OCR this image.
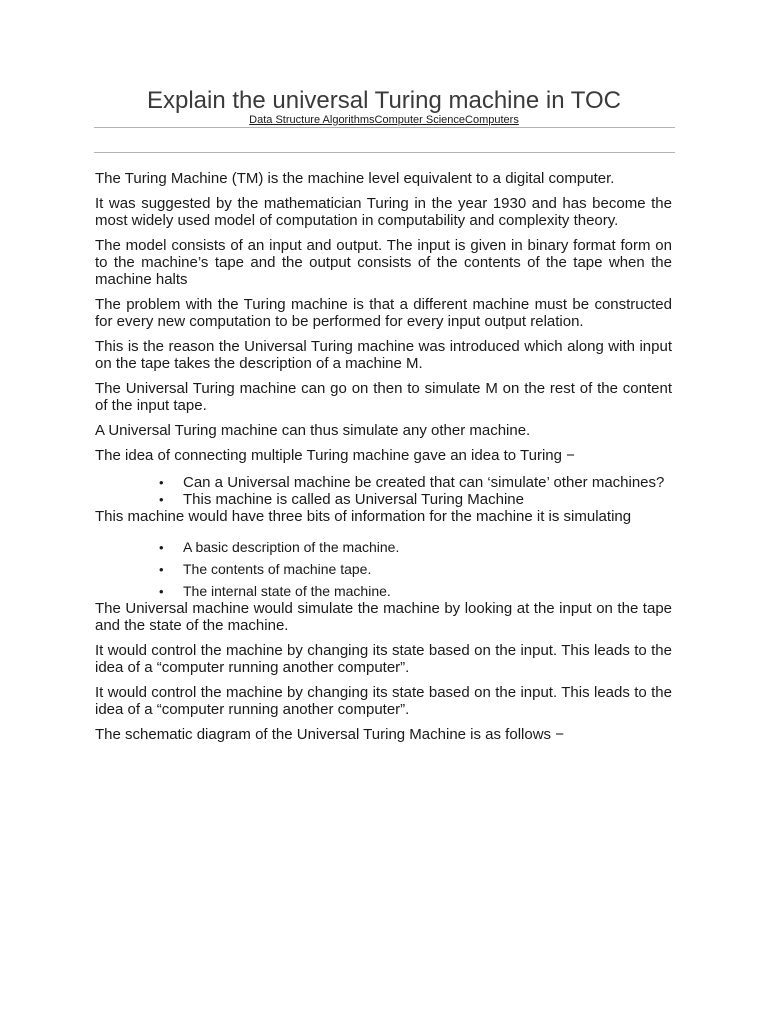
Explain the universal Turing machine in TOC
Data Structure AlgorithmsComputer ScienceComputers

The Turing Machine (TM) is the machine level equivalent to a digital computer.

It was suggested by the mathematician Turing in the year 1930 and has become the most widely used model of computation in computability and complexity theory.

The model consists of an input and output. The input is given in binary format form on to the machine’s tape and the output consists of the contents of the tape when the machine halts

The problem with the Turing machine is that a different machine must be constructed for every new computation to be performed for every input output relation.

This is the reason the Universal Turing machine was introduced which along with input on the tape takes the description of a machine M.

The Universal Turing machine can go on then to simulate M on the rest of the content of the input tape.

A Universal Turing machine can thus simulate any other machine.

The idea of connecting multiple Turing machine gave an idea to Turing −

• Can a Universal machine be created that can ‘simulate’ other machines?
• This machine is called as Universal Turing Machine

This machine would have three bits of information for the machine it is simulating

• A basic description of the machine.
• The contents of machine tape.
• The internal state of the machine.

The Universal machine would simulate the machine by looking at the input on the tape and the state of the machine.

It would control the machine by changing its state based on the input. This leads to the idea of a “computer running another computer”.

It would control the machine by changing its state based on the input. This leads to the idea of a “computer running another computer”.

The schematic diagram of the Universal Turing Machine is as follows −
